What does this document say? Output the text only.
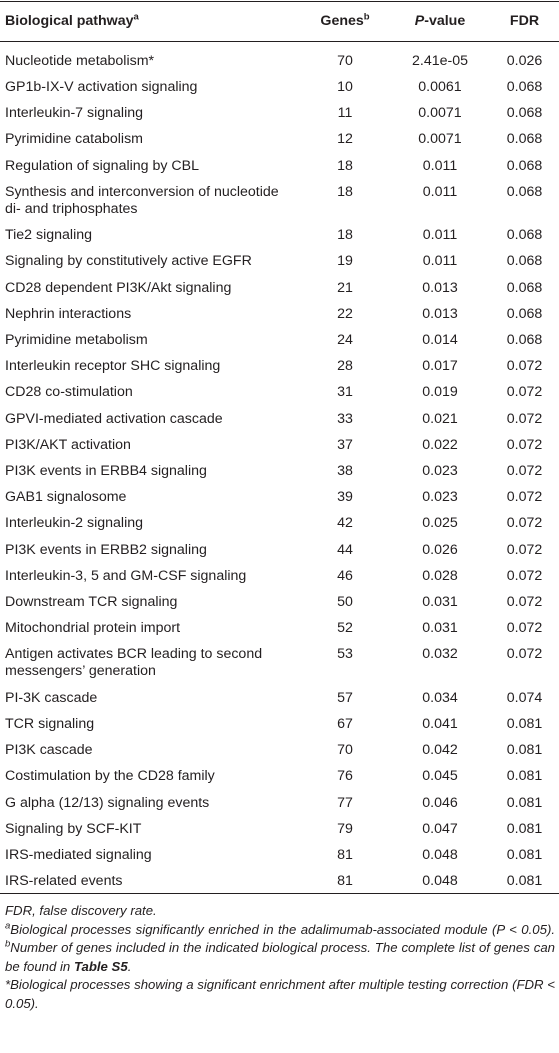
Biological pathway$^a$	Genes$^b$	P-value	FDR
Nucleotide metabolism*	70	2.41e-05	0.026
GP1b-IX-V activation signaling	10	0.0061	0.068
Interleukin-7 signaling	11	0.0071	0.068
Pyrimidine catabolism	12	0.0071	0.068
Regulation of signaling by CBL	18	0.011	0.068
Synthesis and interconversion of nucleotide di- and triphosphates	18	0.011	0.068
Tie2 signaling	18	0.011	0.068
Signaling by constitutively active EGFR	19	0.011	0.068
CD28 dependent PI3K/Akt signaling	21	0.013	0.068
Nephrin interactions	22	0.013	0.068
Pyrimidine metabolism	24	0.014	0.068
Interleukin receptor SHC signaling	28	0.017	0.072
CD28 co-stimulation	31	0.019	0.072
GPVI-mediated activation cascade	33	0.021	0.072
PI3K/AKT activation	37	0.022	0.072
PI3K events in ERBB4 signaling	38	0.023	0.072
GAB1 signalosome	39	0.023	0.072
Interleukin-2 signaling	42	0.025	0.072
PI3K events in ERBB2 signaling	44	0.026	0.072
Interleukin-3, 5 and GM-CSF signaling	46	0.028	0.072
Downstream TCR signaling	50	0.031	0.072
Mitochondrial protein import	52	0.031	0.072
Antigen activates BCR leading to second messengers’ generation	53	0.032	0.072
PI-3K cascade	57	0.034	0.074
TCR signaling	67	0.041	0.081
PI3K cascade	70	0.042	0.081
Costimulation by the CD28 family	76	0.045	0.081
G alpha (12/13) signaling events	77	0.046	0.081
Signaling by SCF-KIT	79	0.047	0.081
IRS-mediated signaling	81	0.048	0.081
IRS-related events	81	0.048	0.081

FDR, false discovery rate.

$^a$Biological processes significantly enriched in the adalimumab-associated module (P < 0.05). $^b$Number of genes included in the indicated biological process. The complete list of genes can be found in Table S5.

*Biological processes showing a significant enrichment after multiple testing correction (FDR < 0.05).
